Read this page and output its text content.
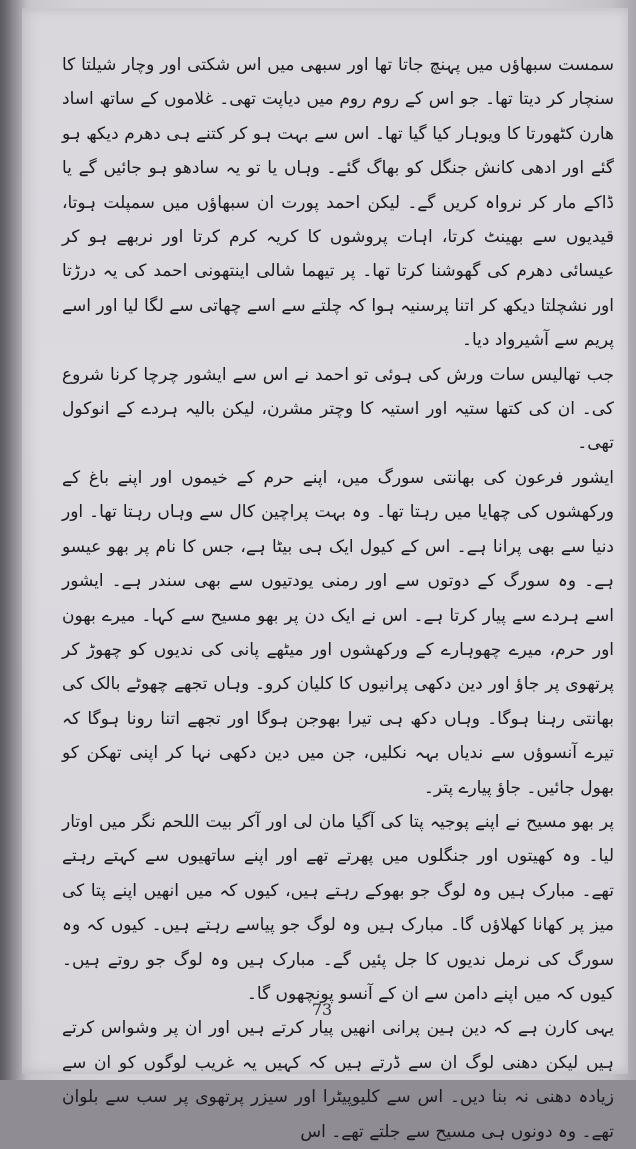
سمست سبھاؤں میں پہنچ جاتا تھا اور سبھی میں اس شکتی اور وچار شیلتا کا سنچار کر دیتا تھا۔ جو اس کے روم روم میں دیاپت تھی۔ غلاموں کے ساتھ اساد ھارن کٹھورتا کا ویوہار کیا گیا تھا۔ اس سے بہت ہو کر کتنے ہی دھرم دیکھ ہو گئے اور ادھی کانش جنگل کو بھاگ گئے۔ وہاں یا تو یہ سادھو ہو جائیں گے یا ڈاکے مار کر نرواہ کریں گے۔ لیکن احمد پورت ان سبھاؤں میں سمپلت ہوتا، قیدیوں سے بھینٹ کرتا، اہات پروشوں کا کریہ کرم کرتا اور نربھے ہو کر عیسائی دھرم کی گھوشنا کرتا تھا۔ پر تیھما شالی اینتھونی احمد کی یہ درڑتا اور نشچلتا دیکھ کر اتنا پرسنیہ ہوا کہ چلتے سے اسے چھاتی سے لگا لیا اور اسے پریم سے آشیرواد دیا۔

جب تھالیس سات ورش کی ہوئی تو احمد نے اس سے ایشور چرچا کرنا شروع کی۔ ان کی کتھا ستیہ اور استیہ کا وچتر مشرن، لیکن بالیہ ہردے کے انوکول تھی۔

ایشور فرعون کی بھانتی سورگ میں، اپنے حرم کے خیموں اور اپنے باغ کے ورکھشوں کی چھایا میں رہتا تھا۔ وہ بہت پراچین کال سے وہاں رہتا تھا۔ اور دنیا سے بھی پرانا ہے۔ اس کے کیول ایک ہی بیٹا ہے، جس کا نام پر بھو عیسو ہے۔ وہ سورگ کے دوتوں سے اور رمنی یودتیوں سے بھی سندر ہے۔ ایشور اسے ہردے سے پیار کرتا ہے۔ اس نے ایک دن پر بھو مسیح سے کہا۔ میرے بھون اور حرم، میرے چھوہارے کے ورکھشوں اور میٹھے پانی کی ندیوں کو چھوڑ کر پرتھوی پر جاؤ اور دین دکھی پرانیوں کا کلیان کرو۔ وہاں تجھے چھوٹے بالک کی بھانتی رہنا ہوگا۔ وہاں دکھ ہی تیرا بھوجن ہوگا اور تجھے اتنا رونا ہوگا کہ تیرے آنسوؤں سے ندیاں بہہ نکلیں، جن میں دین دکھی نہا کر اپنی تھکن کو بھول جائیں۔ جاؤ پیارے پتر۔

پر بھو مسیح نے اپنے پوجیہ پتا کی آگیا مان لی اور آکر بیت اللحم نگر میں اوتار لیا۔ وہ کھیتوں اور جنگلوں میں پھرتے تھے اور اپنے ساتھیوں سے کہتے رہتے تھے۔ مبارک ہیں وہ لوگ جو بھوکے رہتے ہیں، کیوں کہ میں انھیں اپنے پتا کی میز پر کھانا کھلاؤں گا۔ مبارک ہیں وہ لوگ جو پیاسے رہتے ہیں۔ کیوں کہ وہ سورگ کی نرمل ندیوں کا جل پئیں گے۔ مبارک ہیں وہ لوگ جو روتے ہیں۔ کیوں کہ میں اپنے دامن سے ان کے آنسو پونچھوں گا۔

یہی کارن ہے کہ دین ہین پرانی انھیں پیار کرتے ہیں اور ان پر وشواس کرتے ہیں لیکن دھنی لوگ ان سے ڈرتے ہیں کہ کہیں یہ غریب لوگوں کو ان سے زیادہ دھنی نہ بنا دیں۔ اس سے کلیوپیٹرا اور سیزر پرتھوی پر سب سے بلوان تھے۔ وہ دونوں ہی مسیح سے جلتے تھے۔ اس

73
